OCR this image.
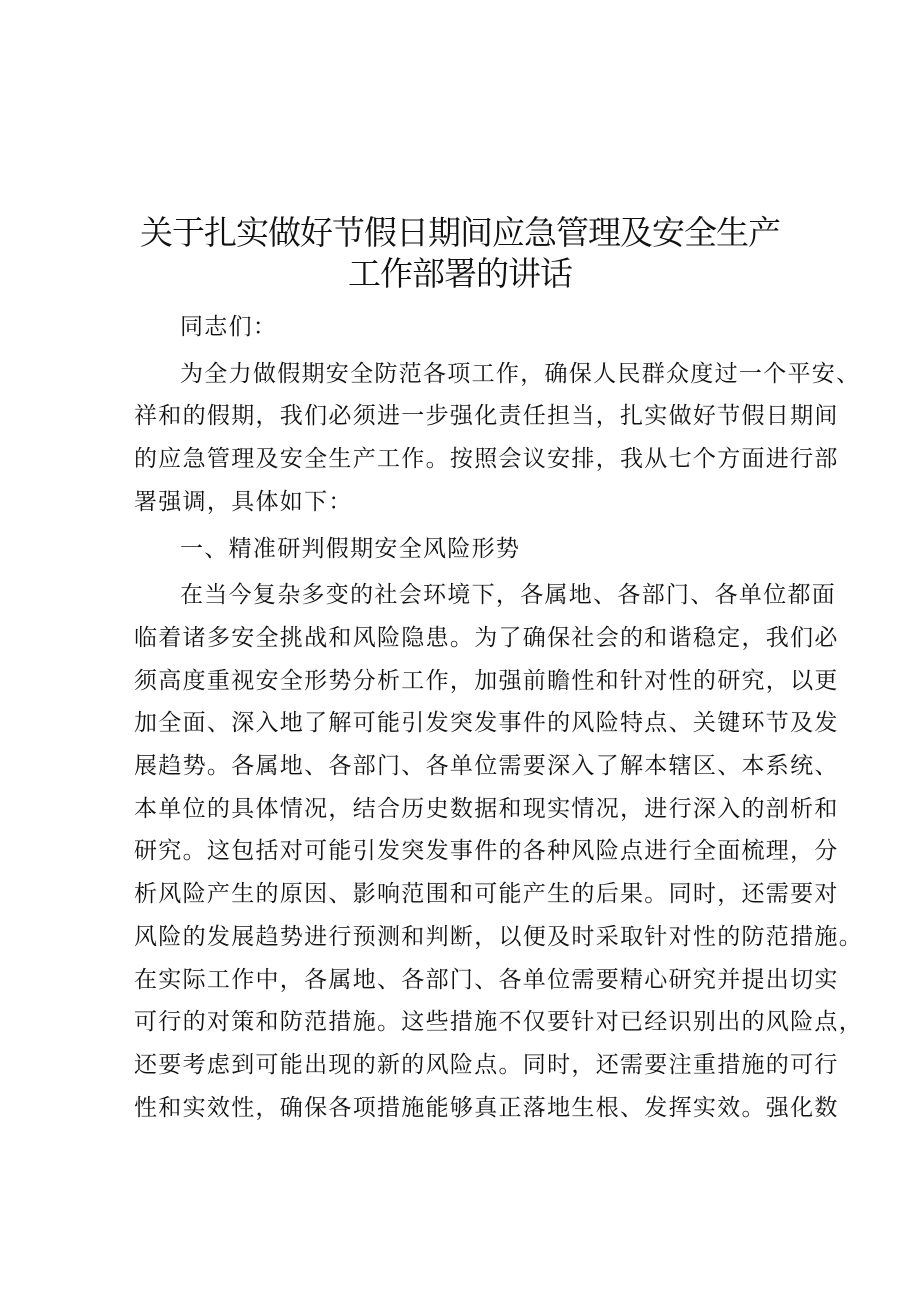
关于扎实做好节假日期间应急管理及安全生产
工作部署的讲话
同志们：
为全力做假期安全防范各项工作，确保人民群众度过一个平安、
祥和的假期，我们必须进一步强化责任担当，扎实做好节假日期间
的应急管理及安全生产工作。按照会议安排，我从七个方面进行部
署强调，具体如下：
一、精准研判假期安全风险形势
在当今复杂多变的社会环境下，各属地、各部门、各单位都面
临着诸多安全挑战和风险隐患。为了确保社会的和谐稳定，我们必
须高度重视安全形势分析工作，加强前瞻性和针对性的研究，以更
加全面、深入地了解可能引发突发事件的风险特点、关键环节及发
展趋势。各属地、各部门、各单位需要深入了解本辖区、本系统、
本单位的具体情况，结合历史数据和现实情况，进行深入的剖析和
研究。这包括对可能引发突发事件的各种风险点进行全面梳理，分
析风险产生的原因、影响范围和可能产生的后果。同时，还需要对
风险的发展趋势进行预测和判断，以便及时采取针对性的防范措施。
在实际工作中，各属地、各部门、各单位需要精心研究并提出切实
可行的对策和防范措施。这些措施不仅要针对已经识别出的风险点，
还要考虑到可能出现的新的风险点。同时，还需要注重措施的可行
性和实效性，确保各项措施能够真正落地生根、发挥实效。强化数
